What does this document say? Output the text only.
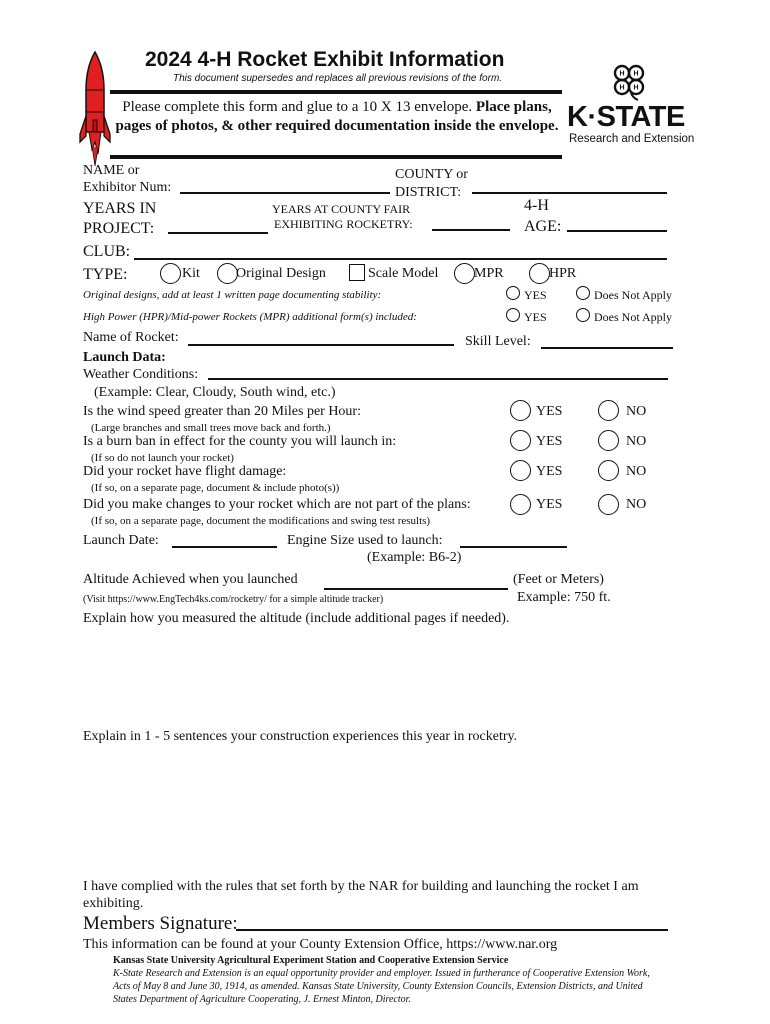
2024 4-H Rocket Exhibit Information
This document supersedes and replaces all previous revisions of the form.
Please complete this form and glue to a 10 X 13 envelope. Place plans, pages of photos, & other required documentation inside the envelope.
H H
H H
K·STATE
Research and Extension
NAME or
Exhibitor Num:
COUNTY or
DISTRICT:
YEARS IN
PROJECT:
YEARS AT COUNTY FAIR
EXHIBITING ROCKETRY:
4-H
AGE:
CLUB:
TYPE:	Kit	Original Design	Scale Model	MPR	HPR
Original designs, add at least 1 written page documenting stability:	YES	Does Not Apply
High Power (HPR)/Mid-power Rockets (MPR) additional form(s) included:	YES	Does Not Apply
Name of Rocket:	Skill Level:
Launch Data:
Weather Conditions:
(Example: Clear, Cloudy, South wind, etc.)
Is the wind speed greater than 20 Miles per Hour:
(Large branches and small trees move back and forth.)
YES	NO
Is a burn ban in effect for the county you will launch in:
(If so do not launch your rocket)
YES	NO
Did your rocket have flight damage:
(If so, on a separate page, document & include photo(s))
YES	NO
Did you make changes to your rocket which are not part of the plans:
(If so, on a separate page, document the modifications and swing test results)
YES	NO
Launch Date:	Engine Size used to launch:
(Example: B6-2)
Altitude Achieved when you launched	(Feet or Meters)
Example: 750 ft.
(Visit https://www.EngTech4ks.com/rocketry/ for a simple altitude tracker)
Explain how you measured the altitude (include additional pages if needed).
Explain in 1 - 5 sentences your construction experiences this year in rocketry.
I have complied with the rules that set forth by the NAR for building and launching the rocket I am exhibiting.
Members Signature:
This information can be found at your County Extension Office, https://www.nar.org
Kansas State University Agricultural Experiment Station and Cooperative Extension Service
K-State Research and Extension is an equal opportunity provider and employer. Issued in furtherance of Cooperative Extension Work, Acts of May 8 and June 30, 1914, as amended. Kansas State University, County Extension Councils, Extension Districts, and United States Department of Agriculture Cooperating, J. Ernest Minton, Director.
